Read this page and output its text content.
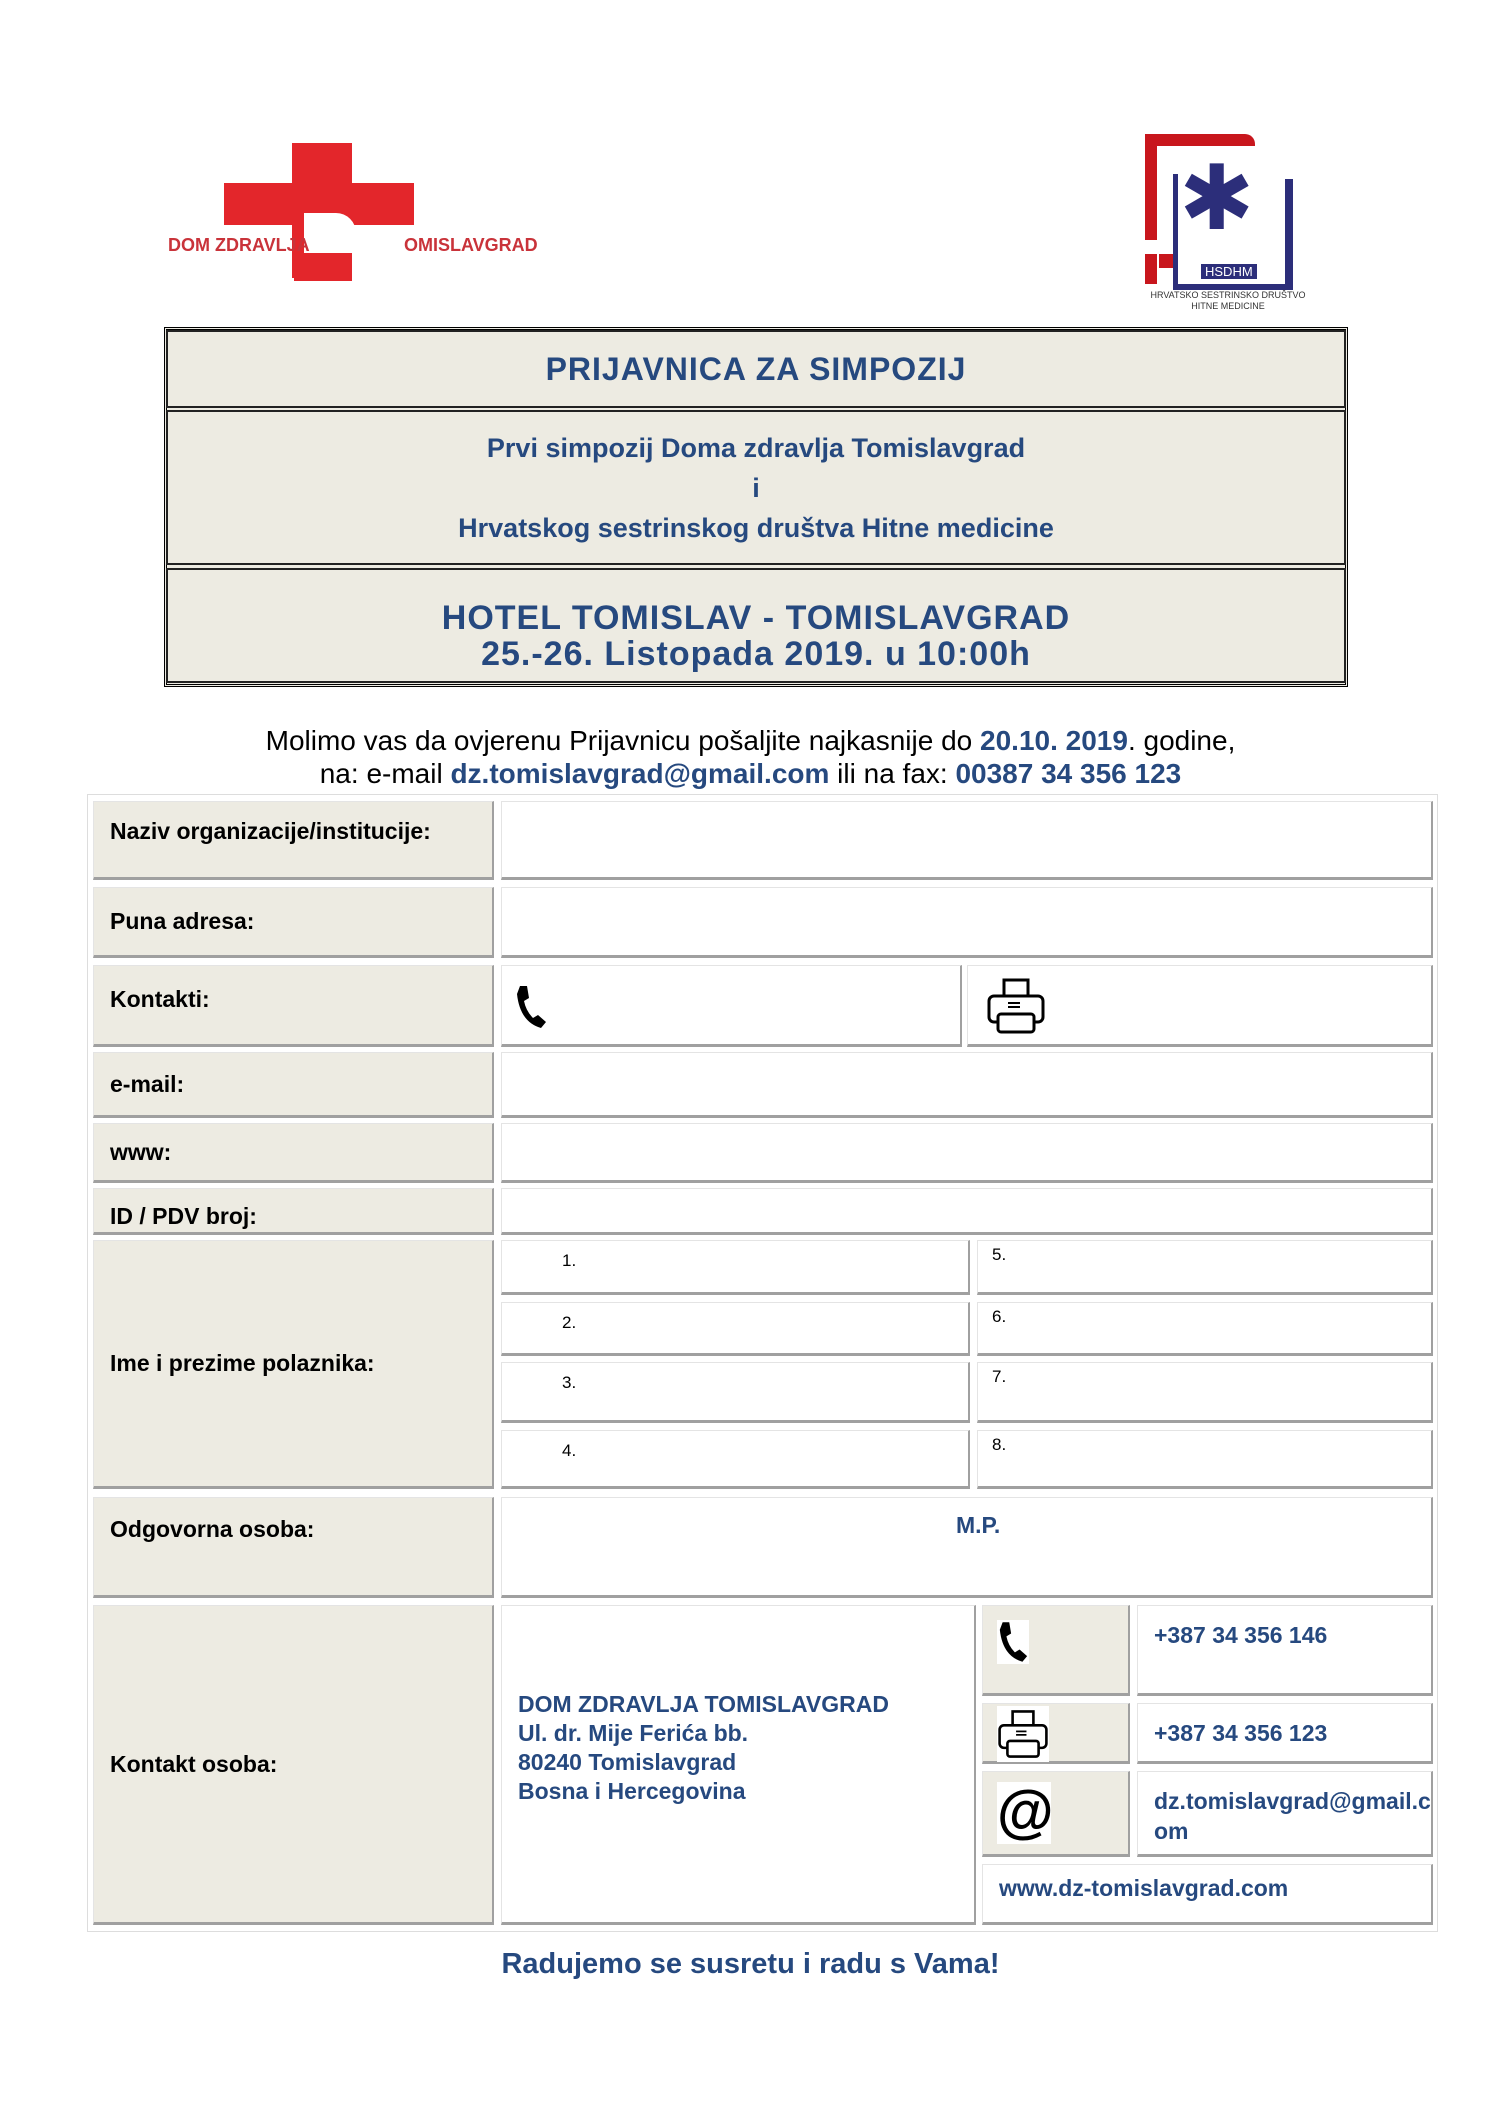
DOM ZDRAVLJA	OMISLAVGRAD	✱
HSDHM
HRVATSKO SESTRINSKO DRUŠTVO
HITNE MEDICINE
PRIJAVNICA ZA SIMPOZIJ
Prvi simpozij Doma zdravlja Tomislavgrad
i
Hrvatskog sestrinskog društva Hitne medicine
HOTEL TOMISLAV - TOMISLAVGRAD
25.-26. Listopada 2019. u 10:00h
Molimo vas da ovjerenu Prijavnicu pošaljite najkasnije do 20.10. 2019. godine,
na: e-mail dz.tomislavgrad@gmail.com ili na fax: 00387 34 356 123
Naziv organizacije/institucije:
Puna adresa:
Kontakti:
e-mail:
www:
ID / PDV broj:
Ime i prezime polaznika:
1.
2.
3.
4.
5.
6.
7.
8.
Odgovorna osoba:	M.P.
Kontakt osoba:
DOM ZDRAVLJA TOMISLAVGRAD
Ul. dr. Mije Ferića bb.
80240 Tomislavgrad
Bosna i Hercegovina
+387 34 356 146
+387 34 356 123
@	dz.tomislavgrad@gmail.com
www.dz-tomislavgrad.com
Radujemo se susretu i radu s Vama!
